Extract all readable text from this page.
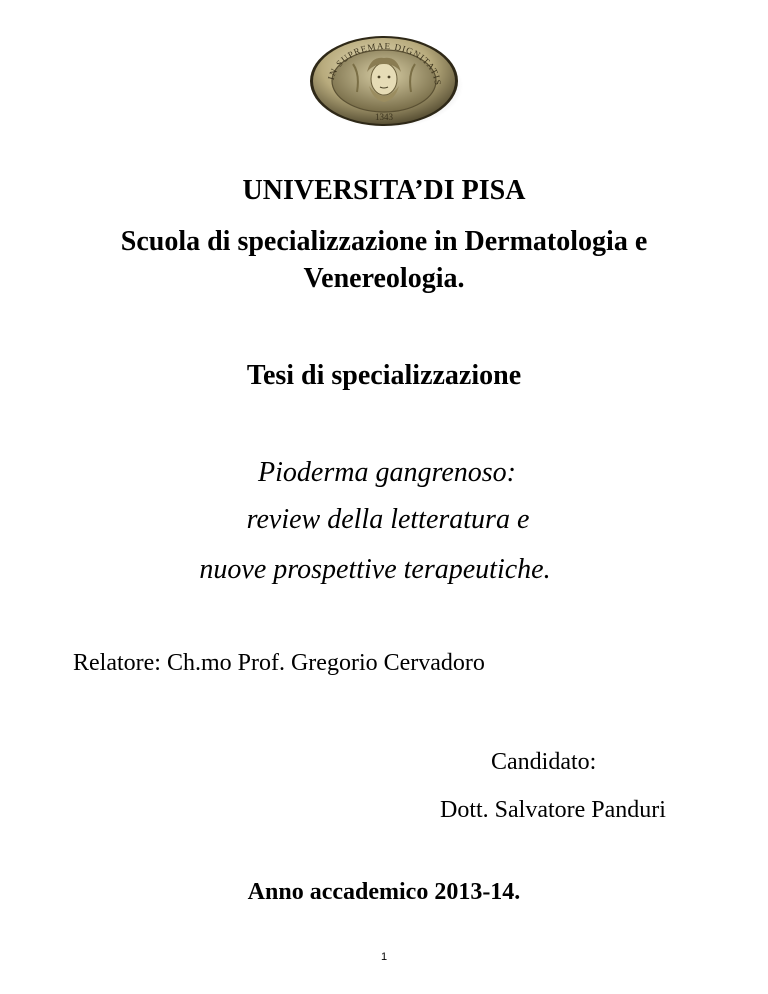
IN SUPREMAE DIGNITATIS
1343
UNIVERSITA’DI PISA
Scuola di specializzazione in Dermatologia e
Venereologia.
Tesi di specializzazione
Pioderma gangrenoso:
review della letteratura e
nuove prospettive terapeutiche.
Relatore: Ch.mo Prof. Gregorio Cervadoro
Candidato:
Dott. Salvatore Panduri
Anno accademico 2013-14.
1
